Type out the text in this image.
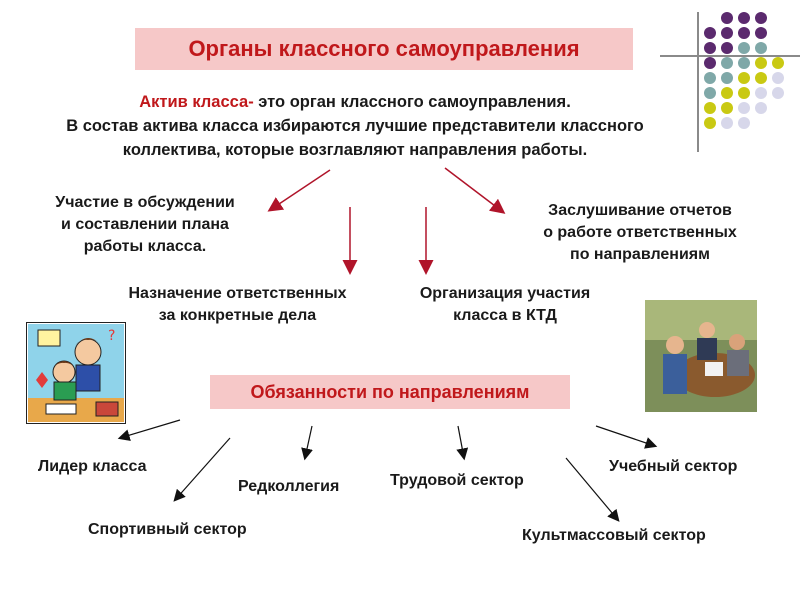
Органы классного самоуправления
Актив класса- это орган классного самоуправления.
В состав актива класса избираются лучшие представители классного
коллектива, которые возглавляют направления работы.
Участие в обсуждении
и составлении плана
работы класса.
Назначение ответственных
за конкретные дела
Организация участия
класса в КТД
Заслушивание отчетов
о работе ответственных
по направлениям
?
Обязанности по направлениям
Лидер класса
Спортивный сектор
Редколлегия	Трудовой сектор
Культмассовый сектор
Учебный сектор
